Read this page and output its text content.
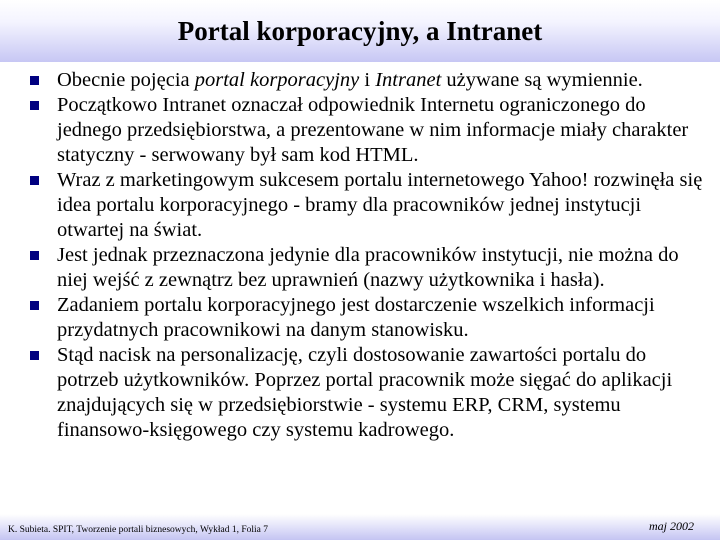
Portal korporacyjny, a Intranet
Obecnie pojęcia portal korporacyjny i Intranet używane są wymiennie.
Początkowo Intranet oznaczał odpowiednik Internetu ograniczonego do jednego przedsiębiorstwa, a prezentowane w nim informacje miały charakter statyczny - serwowany był sam kod HTML.
Wraz z marketingowym sukcesem portalu internetowego Yahoo! rozwinęła się idea portalu korporacyjnego - bramy dla pracowników jednej instytucji otwartej na świat.
Jest jednak przeznaczona jedynie dla pracowników instytucji, nie można do niej wejść z zewnątrz bez uprawnień (nazwy użytkownika i hasła).
Zadaniem portalu korporacyjnego jest dostarczenie wszelkich informacji przydatnych pracownikowi na danym stanowisku.
Stąd nacisk na personalizację, czyli dostosowanie zawartości portalu do potrzeb użytkowników. Poprzez portal pracownik może sięgać do aplikacji znajdujących się w przedsiębiorstwie - systemu ERP, CRM, systemu finansowo-księgowego czy systemu kadrowego.
K. Subieta. SPIT, Tworzenie portali biznesowych, Wykład 1, Folia 7	maj 2002
